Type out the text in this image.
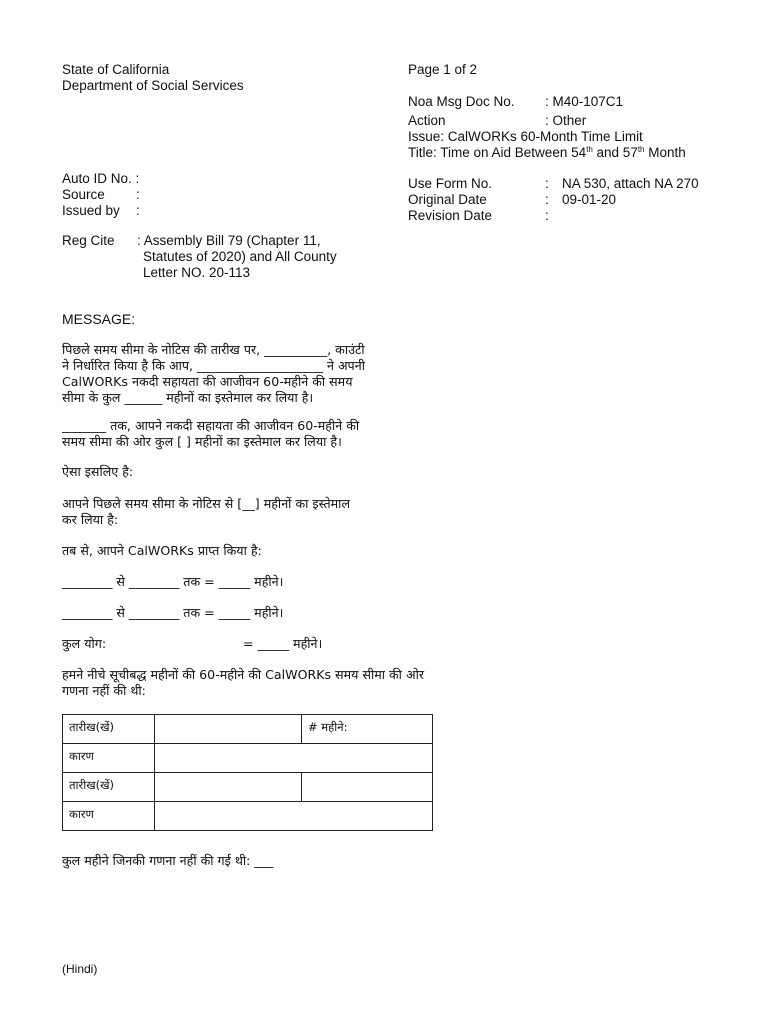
State of California
Department of Social Services
Page 1 of 2
Noa Msg Doc No. : M40-107C1
Action	: Other
Issue: CalWORKs 60-Month Time Limit
Title: Time on Aid Between 54th and 57th Month
Auto ID No. :
Source :
Issued by :
Use Form No.	: NA 530, attach NA 270
Original Date	: 09-01-20
Revision Date	:
Reg Cite : Assembly Bill 79 (Chapter 11,
Statutes of 2020) and All County
Letter NO. 20-113
MESSAGE:
पिछले समय सीमा के नोटिस की तारीख पर, __________, काउंटी
ने निर्धारित किया है कि आप, ____________________ ने अपनी
CalWORKs नकदी सहायता की आजीवन 60-महीने की समय
सीमा के कुल ______ महीनों का इस्तेमाल कर लिया है।
_______ तक, आपने नकदी सहायता की आजीवन 60-महीने की
समय सीमा की ओर कुल [ ] महीनों का इस्तेमाल कर लिया है।
ऐसा इसलिए है:
आपने पिछले समय सीमा के नोटिस से [__] महीनों का इस्तेमाल
कर लिया है:
तब से, आपने CalWORKs प्राप्त किया है:
________ से ________ तक = _____ महीने।
________ से ________ तक = _____ महीने।
कुल योग:	= _____ महीने।
हमने नीचे सूचीबद्ध महीनों की 60-महीने की CalWORKs समय सीमा की ओर
गणना नहीं की थी:
तारीख(खें)		# महीने:
कारण		
तारीख(खें)		
कारण		
कुल महीने जिनकी गणना नहीं की गई थी: ___
(Hindi)
